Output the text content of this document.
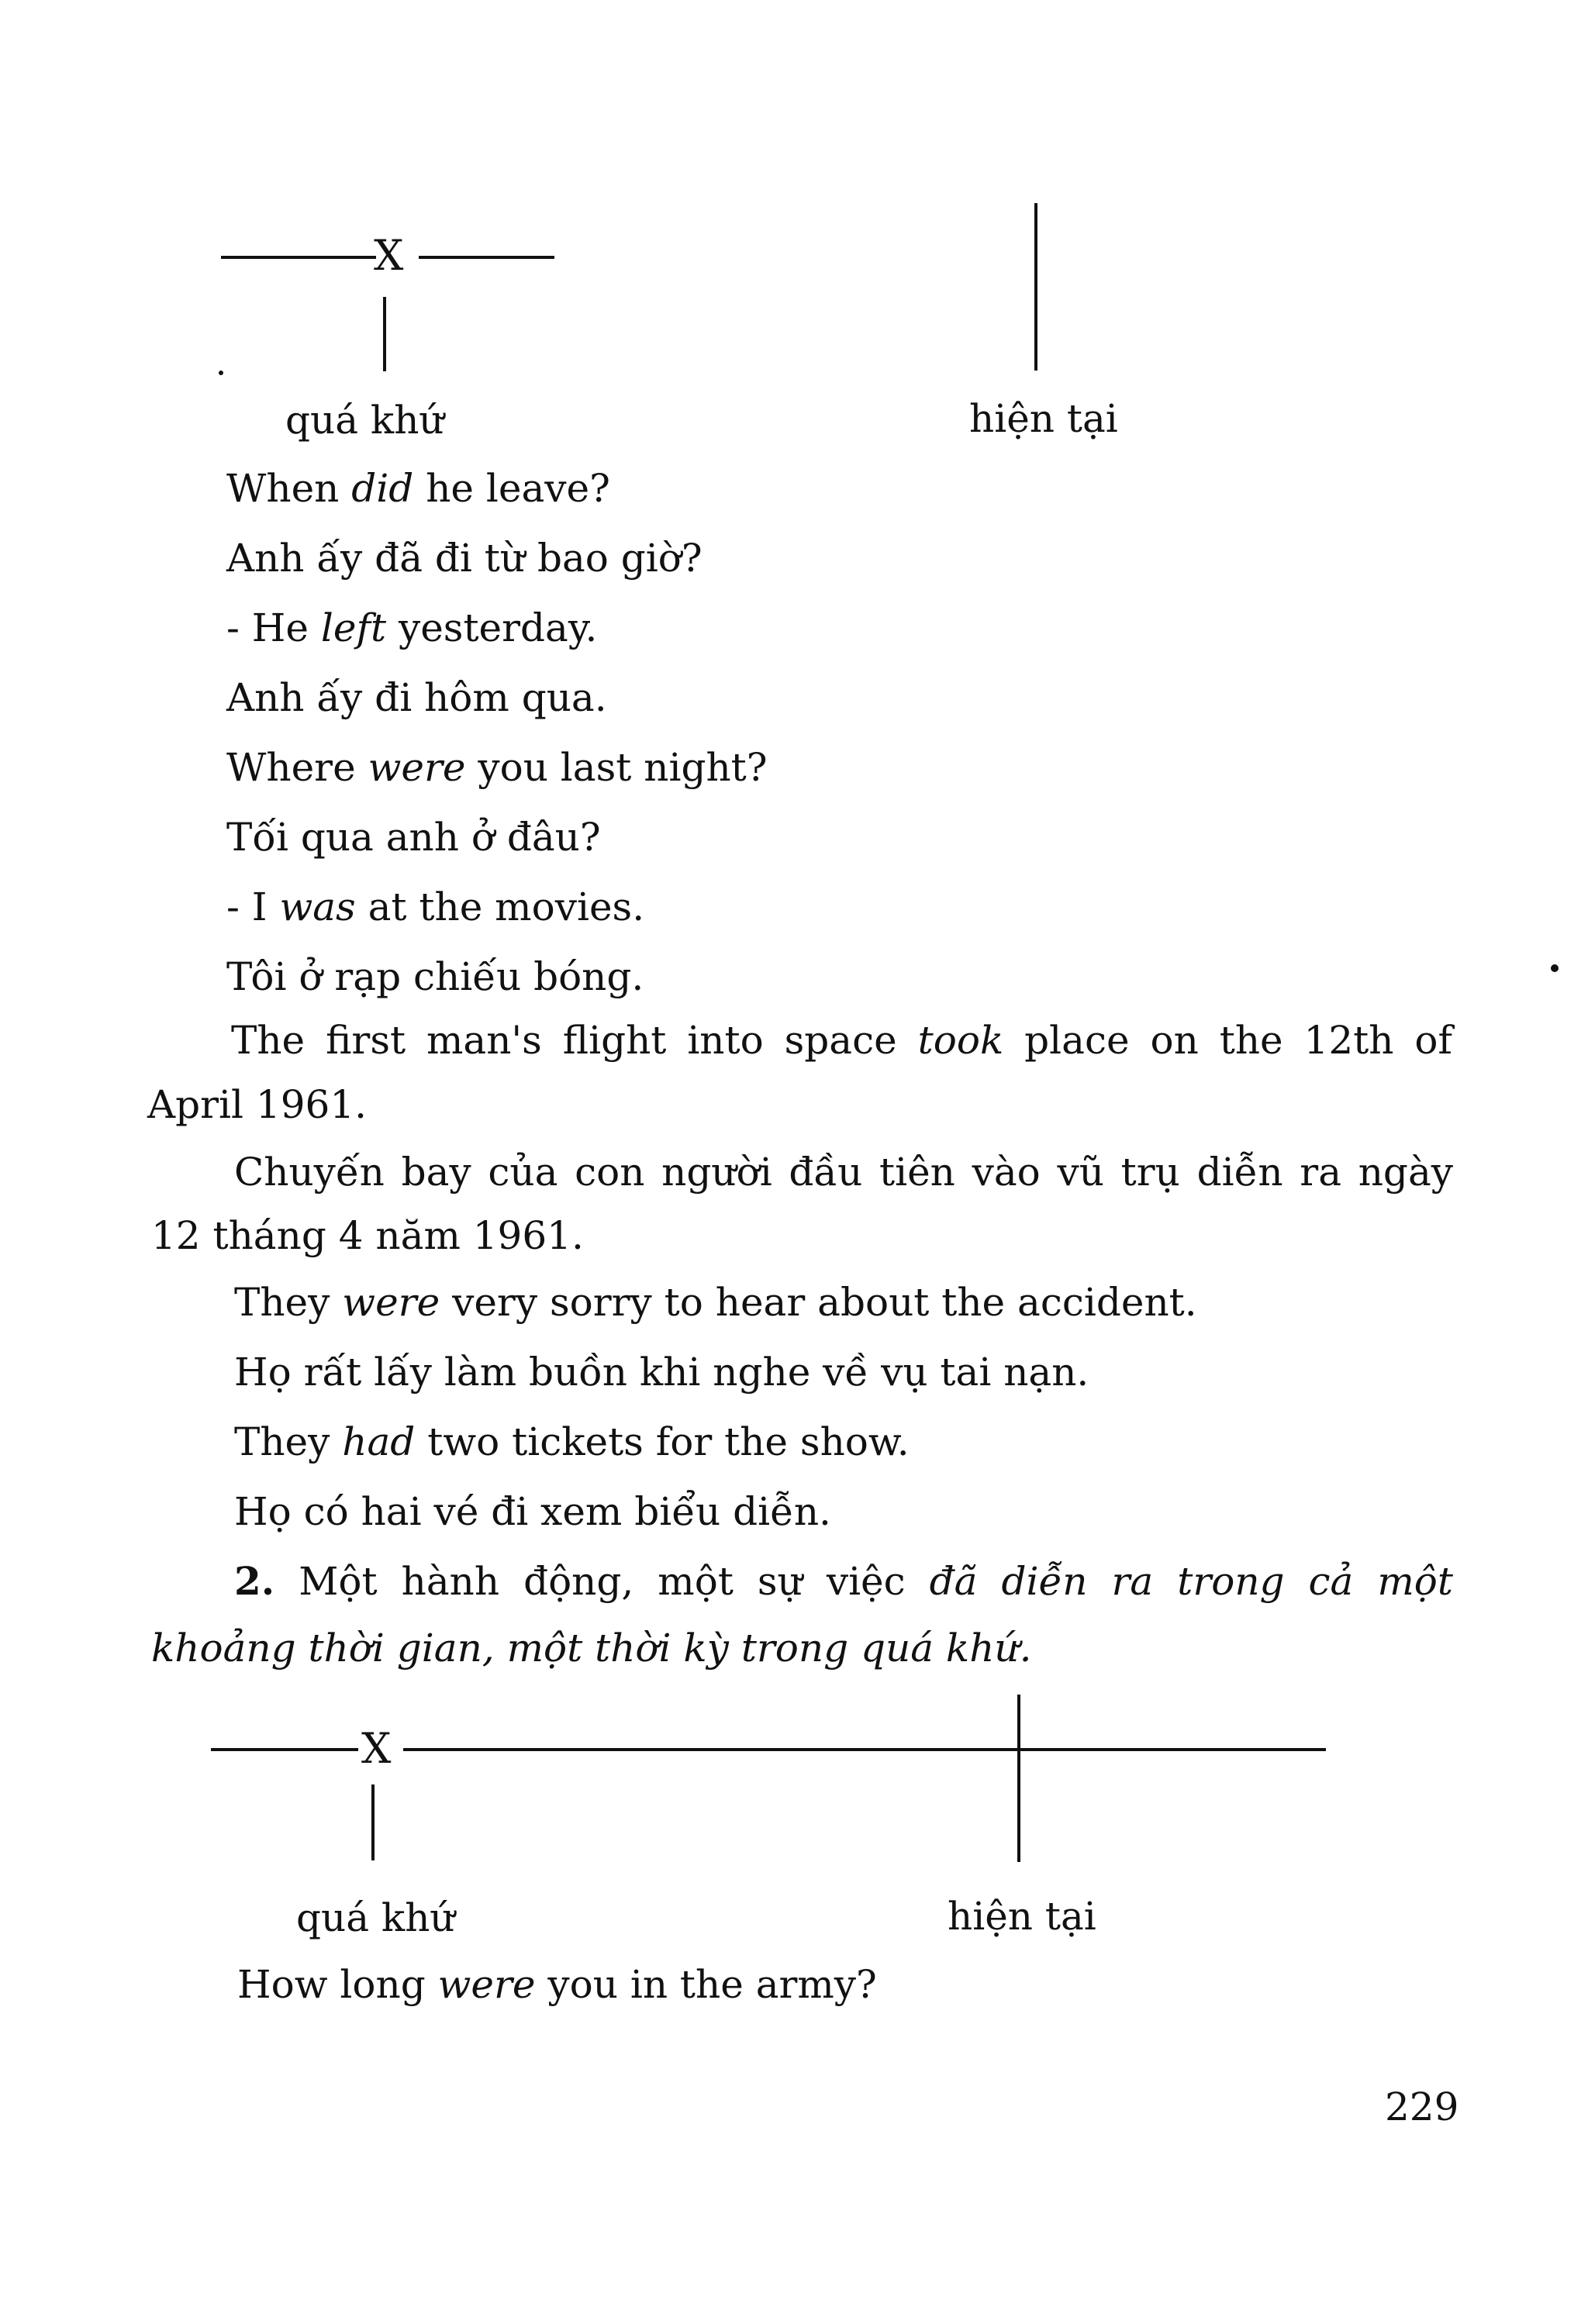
X
quá khứ	hiện tại
When did he leave?
Anh ấy đã đi từ bao giờ?
- He left yesterday.
Anh ấy đi hôm qua.
Where were you last night?
Tối qua anh ở đâu?
- I was at the movies.
Tôi ở rạp chiếu bóng.
The first man's flight into space took place on the 12th of
April 1961.
Chuyến bay của con người đầu tiên vào vũ trụ diễn ra ngày
12 tháng 4 năm 1961.
They were very sorry to hear about the accident.
Họ rất lấy làm buồn khi nghe về vụ tai nạn.
They had two tickets for the show.
Họ có hai vé đi xem biểu diễn.
2. Một hành động, một sự việc đã diễn ra trong cả một
khoảng thời gian, một thời kỳ trong quá khứ.
X
quá khứ	hiện tại
How long were you in the army?
229
